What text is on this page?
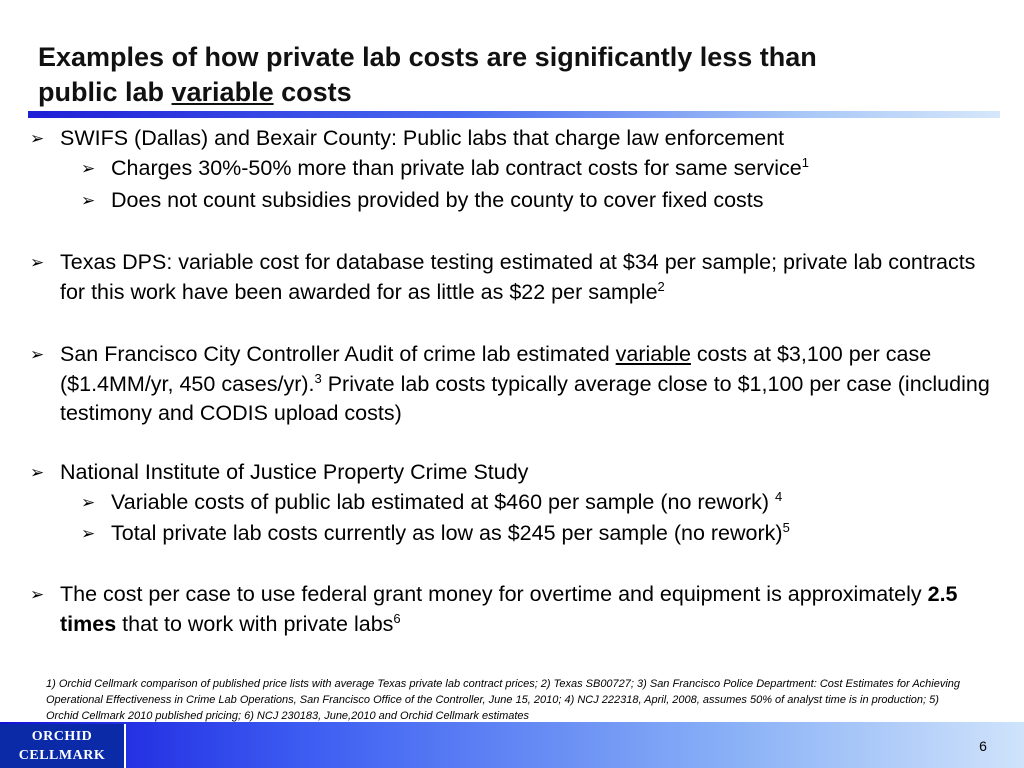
Examples of how private lab costs are significantly less than
public lab variable costs
➢ SWIFS (Dallas) and Bexair County: Public labs that charge law enforcement
➢ Charges 30%-50% more than private lab contract costs for same service$^1$
➢ Does not count subsidies provided by the county to cover fixed costs
➢ Texas DPS: variable cost for database testing estimated at $34 per sample; private lab contracts for this work have been awarded for as little as $22 per sample$^2$
➢ San Francisco City Controller Audit of crime lab estimated variable costs at $3,100 per case ($1.4MM/yr, 450 cases/yr).$^3$ Private lab costs typically average close to $1,100 per case (including testimony and CODIS upload costs)
➢ National Institute of Justice Property Crime Study
➢ Variable costs of public lab estimated at $460 per sample (no rework) $^4$
➢ Total private lab costs currently as low as $245 per sample (no rework)$^5$
➢ The cost per case to use federal grant money for overtime and equipment is approximately 2.5 times that to work with private labs$^6$
1) Orchid Cellmark comparison of published price lists with average Texas private lab contract prices; 2) Texas SB00727; 3) San Francisco Police Department: Cost Estimates for Achieving Operational Effectiveness in Crime Lab Operations, San Francisco Office of the Controller, June 15, 2010; 4) NCJ 222318, April, 2008, assumes 50% of analyst time is in production; 5) Orchid Cellmark 2010 published pricing; 6) NCJ 230183, June,2010 and Orchid Cellmark estimates
ORCHID
CELLMARK
6
